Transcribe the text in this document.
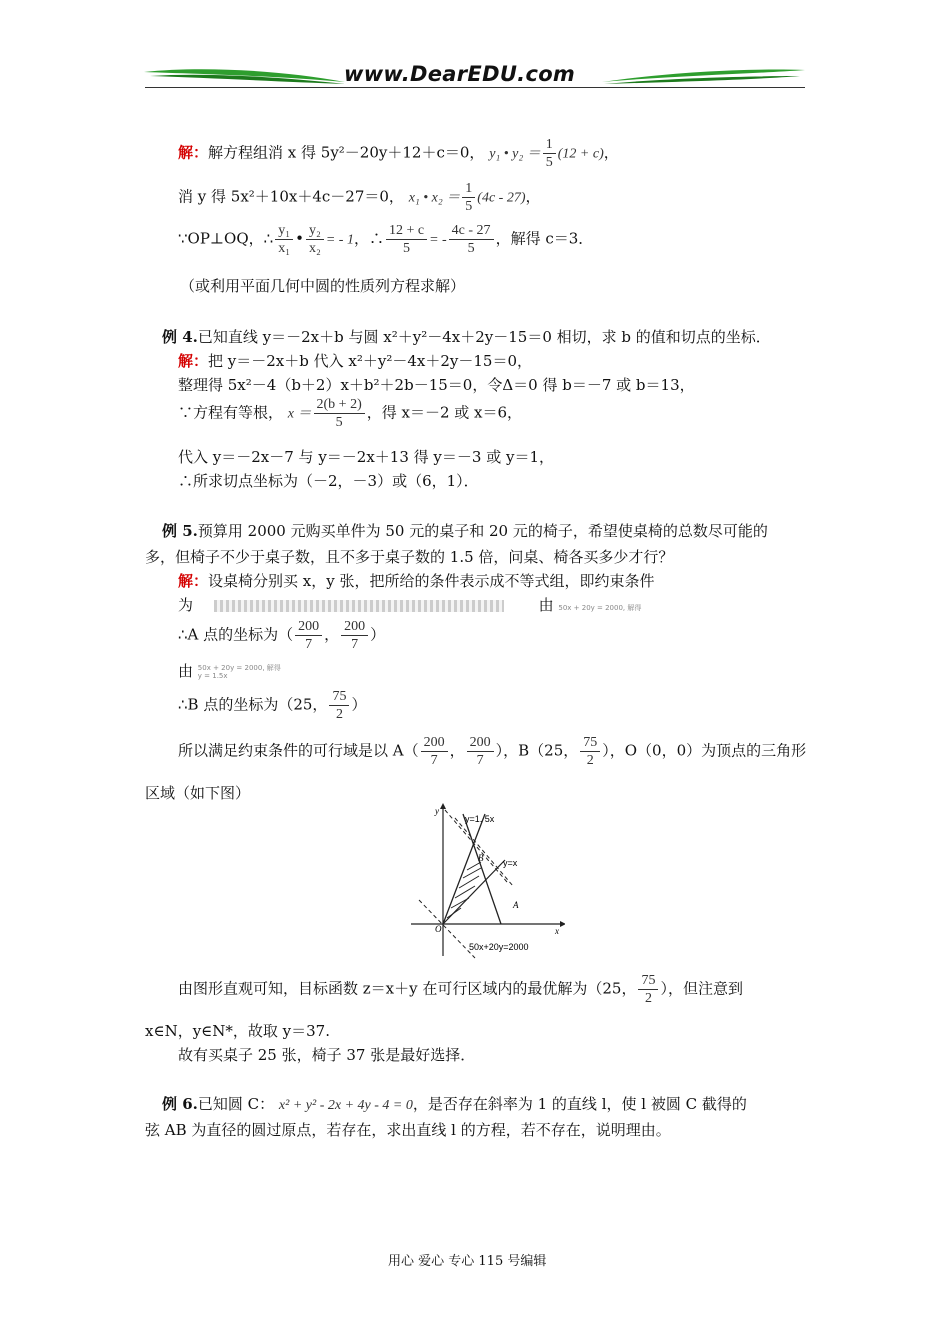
www.DearEDU.com
解：解方程组消 x 得 5y²－20y＋12＋c＝0， y₁ • $y_2 = \frac{1}{5} (12 + c)$，
消 y 得 5x²＋10x＋4c－27＝0， x₁ • $x_2 = \frac{1}{5} (4c - 27)$，
∵OP⊥OQ，∴ $\frac{\text{y₁}}{\text{x₁}}$ • $\frac{\text{y₂}}{\text{x₂}}$ = - 1，∴ $\frac{12 + c}{5}$ = - $\frac{4c - 27}{5}$ ，解得 c＝3．
（或利用平面几何中圆的性质列方程求解）
例 4.已知直线 y＝－2x＋b 与圆 x²＋y²－4x＋2y－15＝0 相切，求 b 的值和切点的坐标．
解：把 y＝－2x＋b 代入 x²＋y²－4x＋2y－15＝0，
整理得 5x²－4（b＋2）x＋b²＋2b－15＝0，令Δ＝0 得 b＝－7 或 b＝13，
∵方程有等根， $x = \frac{2(b + 2)}{5}$ ，得 x＝－2 或 x＝6，
代入 y＝－2x－7 与 y＝－2x＋13 得 y＝－3 或 y＝1，
∴所求切点坐标为（－2，－3）或（6，1）．
例 5.预算用 2000 元购买单件为 50 元的桌子和 20 元的椅子，希望使桌椅的总数尽可能的
多，但椅子不少于桌子数，且不多于桌子数的 1.5 倍，问桌、椅各买多少才行？
解：设桌椅分别买 x，y 张，把所给的条件表示成不等式组，即约束条件
为	由 50x + 20y = 2000, 解得
∴A 点的坐标为（ $\frac{200}{7}$ ， $\frac{200}{7}$ ）
由 50x + 20y = 2000, 解得
y = 1.5x
∴B 点的坐标为（25， $\frac{75}{2}$ ）
所以满足约束条件的可行域是以 $A( \frac{200}{7}$ ， $\frac{200}{7}$ ），B（25， $\frac{75}{2}$ ），O（0，0）为顶点的三角形
区域（如下图）
y
x
O
y=1. 5x
y=x
B
A
50x+20y=2000
由图形直观可知，目标函数 z＝x＋y 在可行区域内的最优解为（25， $\frac{75}{2}$ ），但注意到
x∈N，y∈N*，故取 y＝37.
故有买桌子 25 张，椅子 37 张是最好选择．
例 6.已知圆 C： x² + y² - 2x + 4y - 4 = 0，是否存在斜率为 1 的直线 l，使 l 被圆 C 截得的
弦 AB 为直径的圆过原点，若存在，求出直线 l 的方程，若不存在，说明理由。
用心 爱心 专心 115 号编辑
